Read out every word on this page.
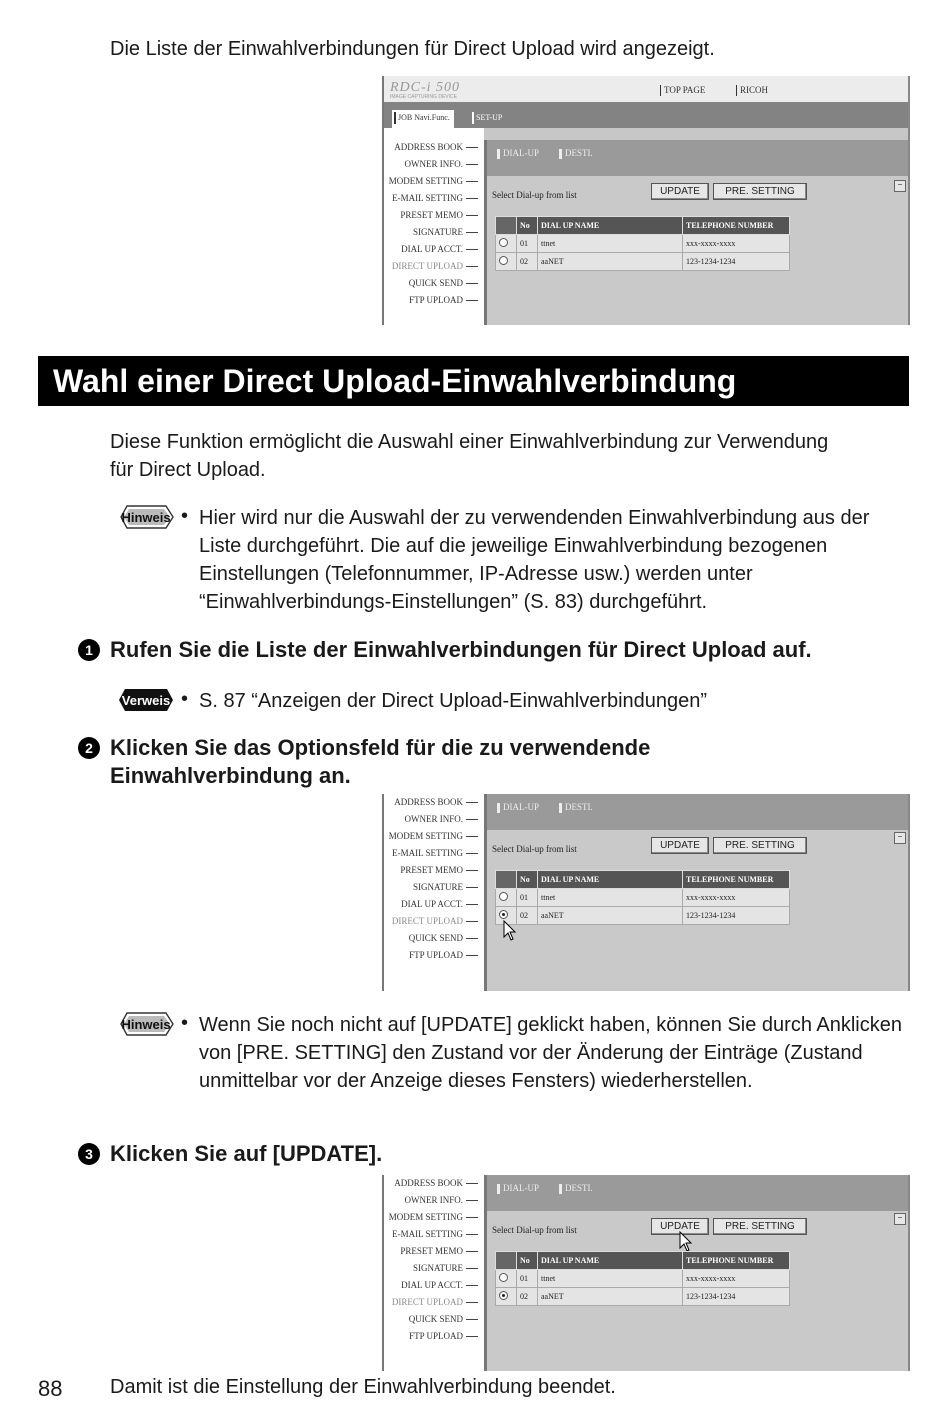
Die Liste der Einwahlverbindungen für Direct Upload wird angezeigt.
RDC-i 500
IMAGE CAPTURING DEVICE
TOP PAGE	RICOH
JOB Navi.Func.	SET-UP
ADDRESS BOOK
OWNER INFO.
MODEM SETTING
E-MAIL SETTING
PRESET MEMO
SIGNATURE
DIAL UP ACCT.
DIRECT UPLOAD
QUICK SEND
FTP UPLOAD
DIAL-UP	DESTI.
Select Dial-up from list	UPDATE	PRE. SETTING
−
	No	DIAL UP NAME	TELEPHONE NUMBER
	01	ttnet	xxx-xxxx-xxxx
	02	aaNET	123-1234-1234
Wahl einer Direct Upload-Einwahlverbindung
Diese Funktion ermöglicht die Auswahl einer Einwahlverbindung zur Verwendung für Direct Upload.
Hinweis • Hier wird nur die Auswahl der zu verwendenden Einwahlverbindung aus der Liste durchgeführt. Die auf die jeweilige Einwahlverbindung bezogenen Einstellungen (Telefonnummer, IP-Adresse usw.) werden unter “Einwahlverbindungs-Einstellungen” (S. 83) durchgeführt.
1 Rufen Sie die Liste der Einwahlverbindungen für Direct Upload auf.
Verweis • S. 87 “Anzeigen der Direct Upload-Einwahlverbindungen”
2 Klicken Sie das Optionsfeld für die zu verwendende Einwahlverbindung an.
ADDRESS BOOK
OWNER INFO.
MODEM SETTING
E-MAIL SETTING
PRESET MEMO
SIGNATURE
DIAL UP ACCT.
DIRECT UPLOAD
QUICK SEND
FTP UPLOAD
DIAL-UP	DESTI.
Select Dial-up from list	UPDATE	PRE. SETTING
−
	No	DIAL UP NAME	TELEPHONE NUMBER
	01	ttnet	xxx-xxxx-xxxx
	02	aaNET	123-1234-1234
Hinweis • Wenn Sie noch nicht auf [UPDATE] geklickt haben, können Sie durch Anklicken von [PRE. SETTING] den Zustand vor der Änderung der Einträge (Zustand unmittelbar vor der Anzeige dieses Fensters) wiederherstellen.
3 Klicken Sie auf [UPDATE].
ADDRESS BOOK
OWNER INFO.
MODEM SETTING
E-MAIL SETTING
PRESET MEMO
SIGNATURE
DIAL UP ACCT.
DIRECT UPLOAD
QUICK SEND
FTP UPLOAD
DIAL-UP	DESTI.
Select Dial-up from list	UPDATE	PRE. SETTING
−
	No	DIAL UP NAME	TELEPHONE NUMBER
	01	ttnet	xxx-xxxx-xxxx
	02	aaNET	123-1234-1234
88 Damit ist die Einstellung der Einwahlverbindung beendet.
